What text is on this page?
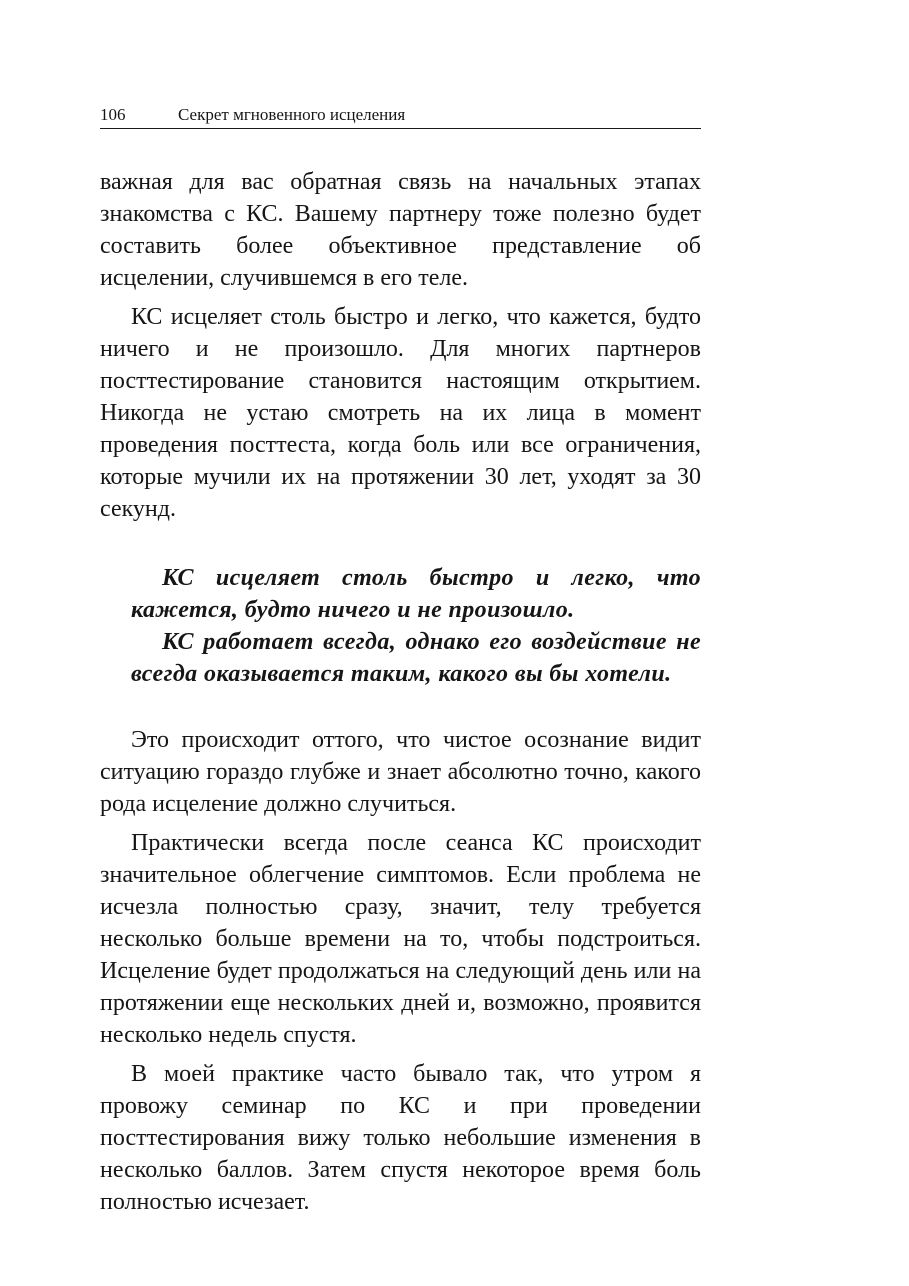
106	Секрет мгновенного исцеления

важная для вас обратная связь на начальных этапах знакомства с КС. Вашему партнеру тоже полезно будет составить более объективное представление об исцелении, случившемся в его теле.

КС исцеляет столь быстро и легко, что кажется, будто ничего и не произошло. Для многих партнеров посттестирование становится настоящим открытием. Никогда не устаю смотреть на их лица в момент проведения посттеста, когда боль или все ограничения, которые мучили их на протяжении 30 лет, уходят за 30 секунд.

КС исцеляет столь быстро и легко, что кажется, будто ничего и не произошло.

КС работает всегда, однако его воздействие не всегда оказывается таким, какого вы бы хотели.

Это происходит оттого, что чистое осознание видит ситуацию гораздо глубже и знает абсолютно точно, какого рода исцеление должно случиться.

Практически всегда после сеанса КС происходит значительное облегчение симптомов. Если проблема не исчезла полностью сразу, значит, телу требуется несколько больше времени на то, чтобы подстроиться. Исцеление будет продолжаться на следующий день или на протяжении еще нескольких дней и, возможно, проявится несколько недель спустя.

В моей практике часто бывало так, что утром я провожу семинар по КС и при проведении посттестирования вижу только небольшие изменения в несколько баллов. Затем спустя некоторое время боль полностью исчезает.
